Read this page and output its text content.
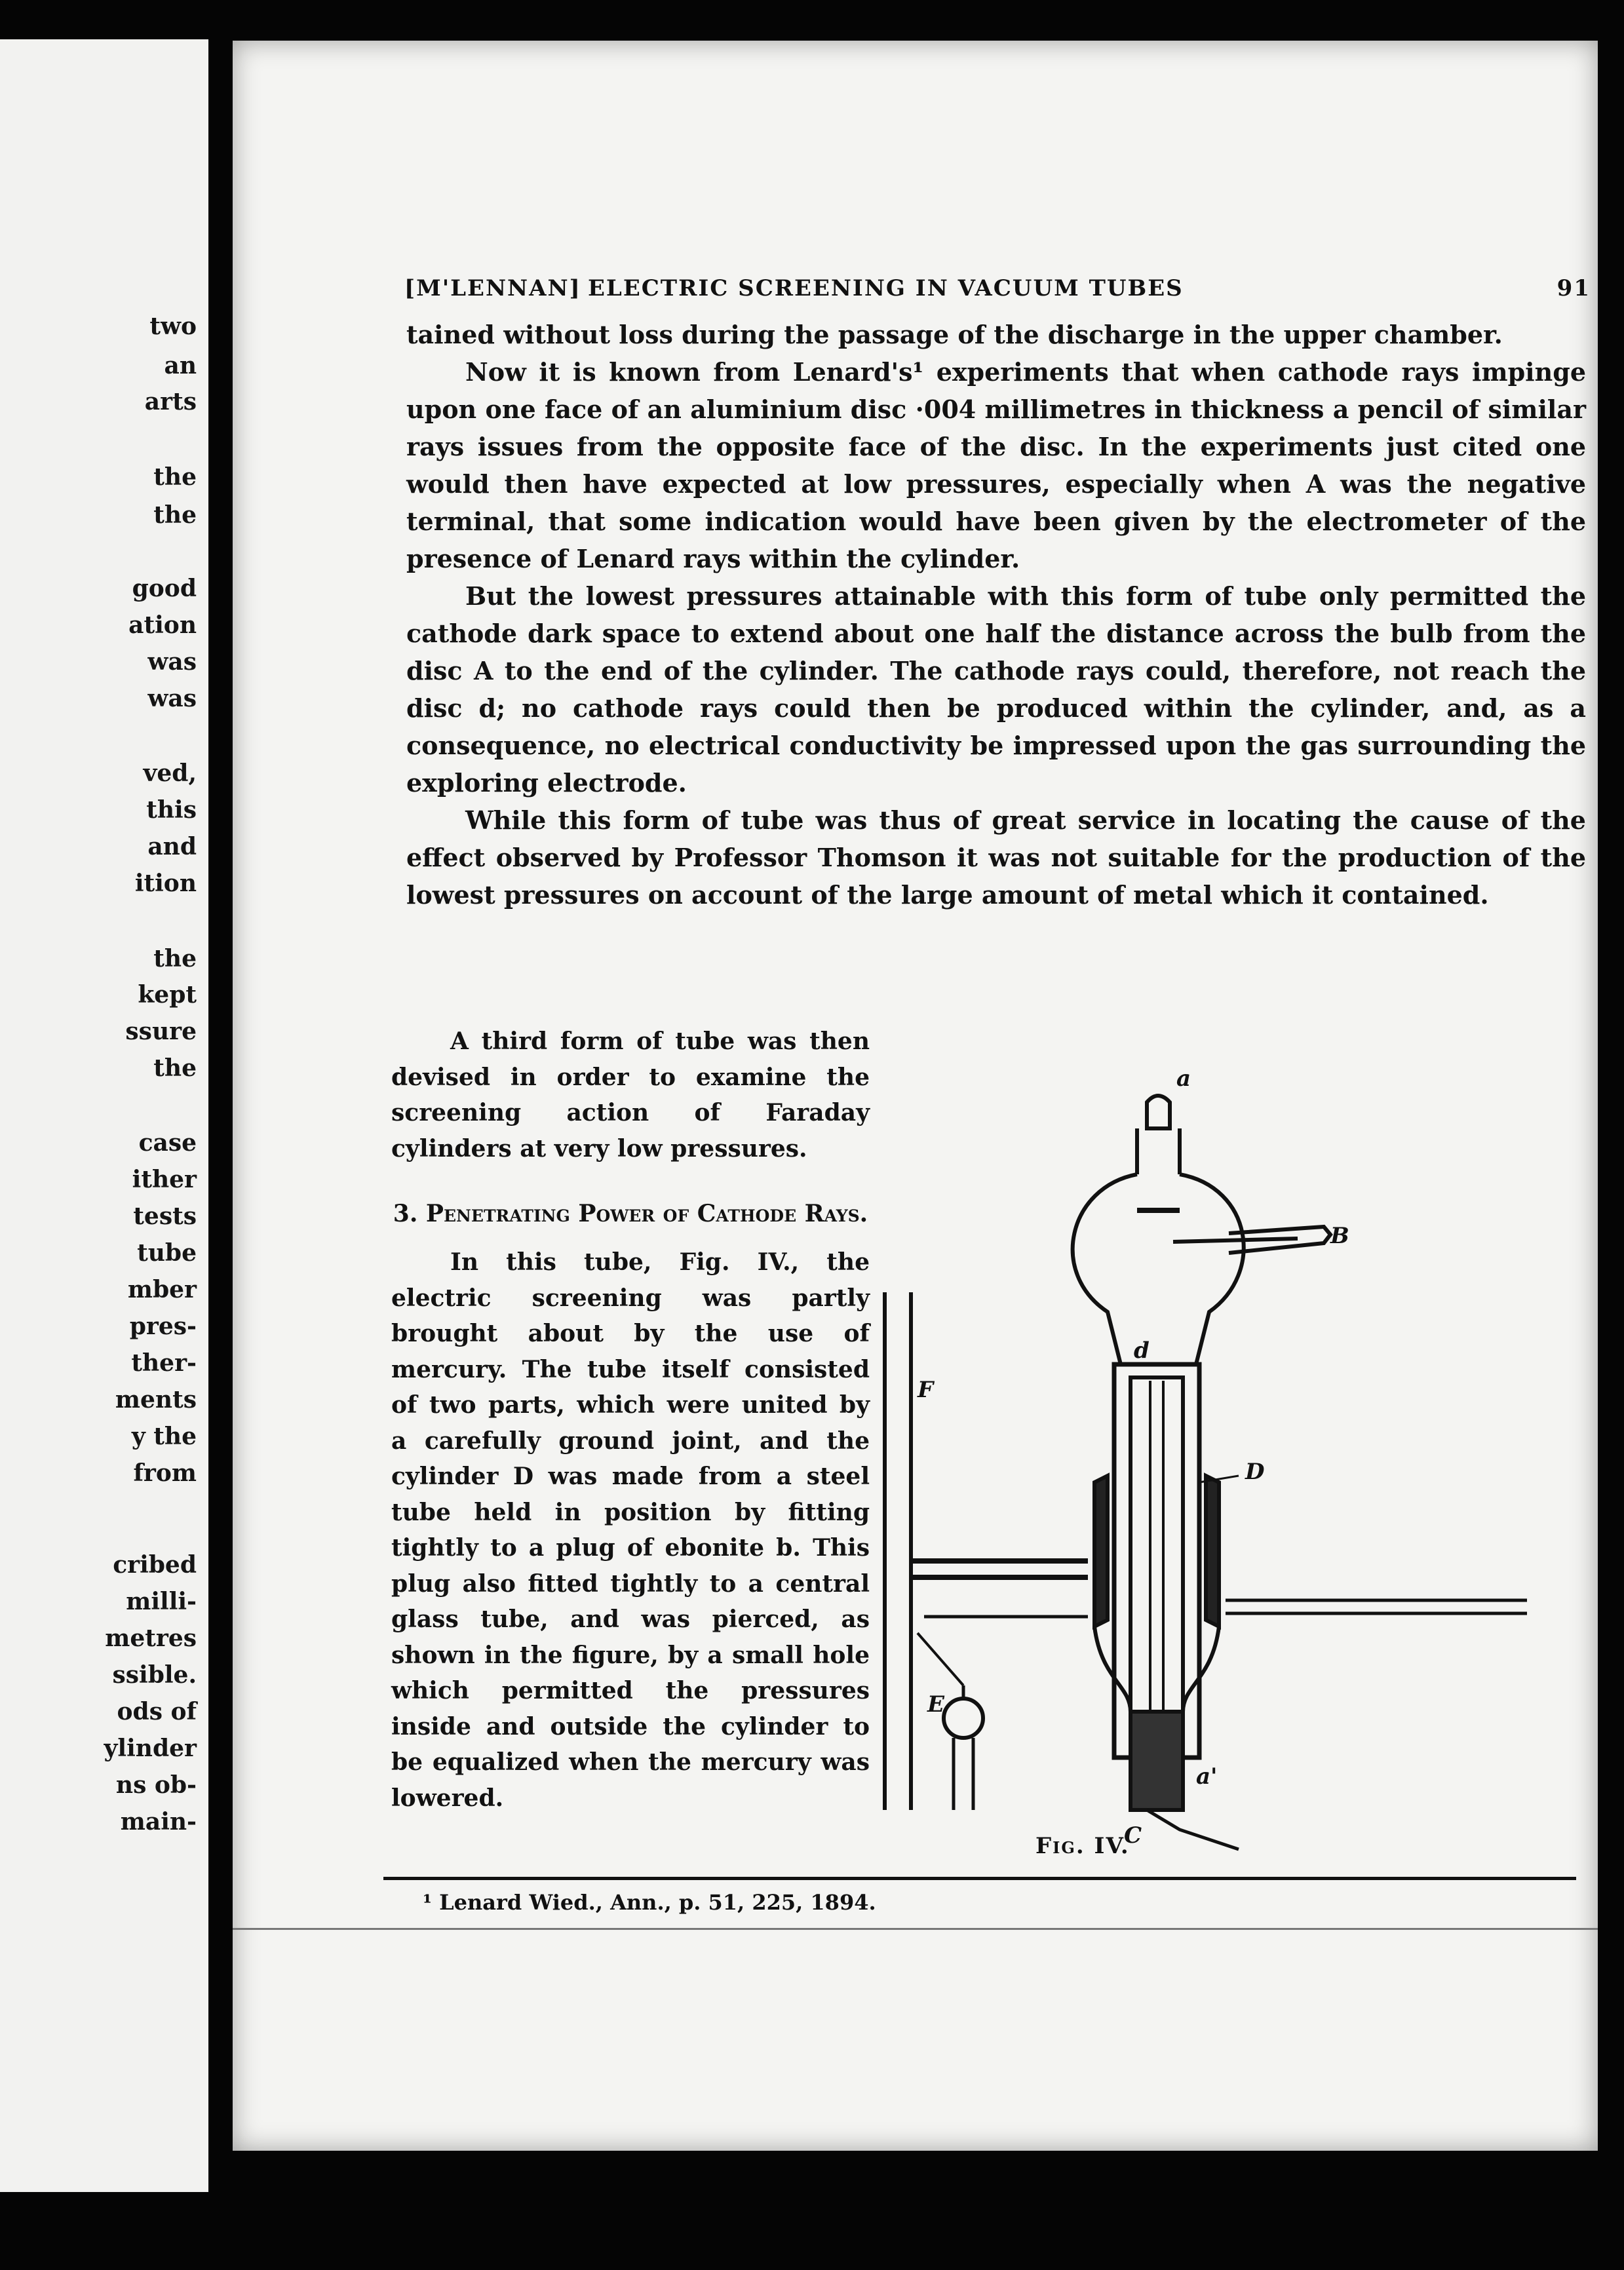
two
an
arts
the
the
good
ation
was
was
ved,
this
and
ition
the
kept
ssure
the
case
ither
tests
tube
mber
pres-
ther-
ments
y the
from
cribed
milli-
metres
ssible.
ods of
ylinder
ns ob-
main-
[M'LENNAN] ELECTRIC SCREENING IN VACUUM TUBES	91

tained without loss during the passage of the discharge in the upper chamber.

Now it is known from Lenard's¹ experiments that when cathode rays impinge upon one face of an aluminium disc ·004 millimetres in thickness a pencil of similar rays issues from the opposite face of the disc. In the experiments just cited one would then have expected at low pressures, especially when A was the negative terminal, that some indication would have been given by the electrometer of the presence of Lenard rays within the cylinder.

But the lowest pressures attainable with this form of tube only permitted the cathode dark space to extend about one half the distance across the bulb from the disc A to the end of the cylinder. The cathode rays could, therefore, not reach the disc d; no cathode rays could then be produced within the cylinder, and, as a consequence, no electrical conductivity be impressed upon the gas surrounding the exploring electrode.

While this form of tube was thus of great service in locating the cause of the effect observed by Professor Thomson it was not suitable for the production of the lowest pressures on account of the large amount of metal which it contained.

A third form of tube was then devised in order to examine the screening action of Faraday cylinders at very low pressures.

3. Penetrating Power of Cathode Rays.

In this tube, Fig. IV., the electric screening was partly brought about by the use of mercury. The tube itself consisted of two parts, which were united by a carefully ground joint, and the cylinder D was made from a steel tube held in position by fitting tightly to a plug of ebonite b. This plug also fitted tightly to a central glass tube, and was pierced, as shown in the figure, by a small hole which permitted the pressures inside and outside the cylinder to be equalized when the mercury was lowered.

a
B
d
D
F
E
a'
C
Fig. IV.
¹ Lenard Wied., Ann., p. 51, 225, 1894.
